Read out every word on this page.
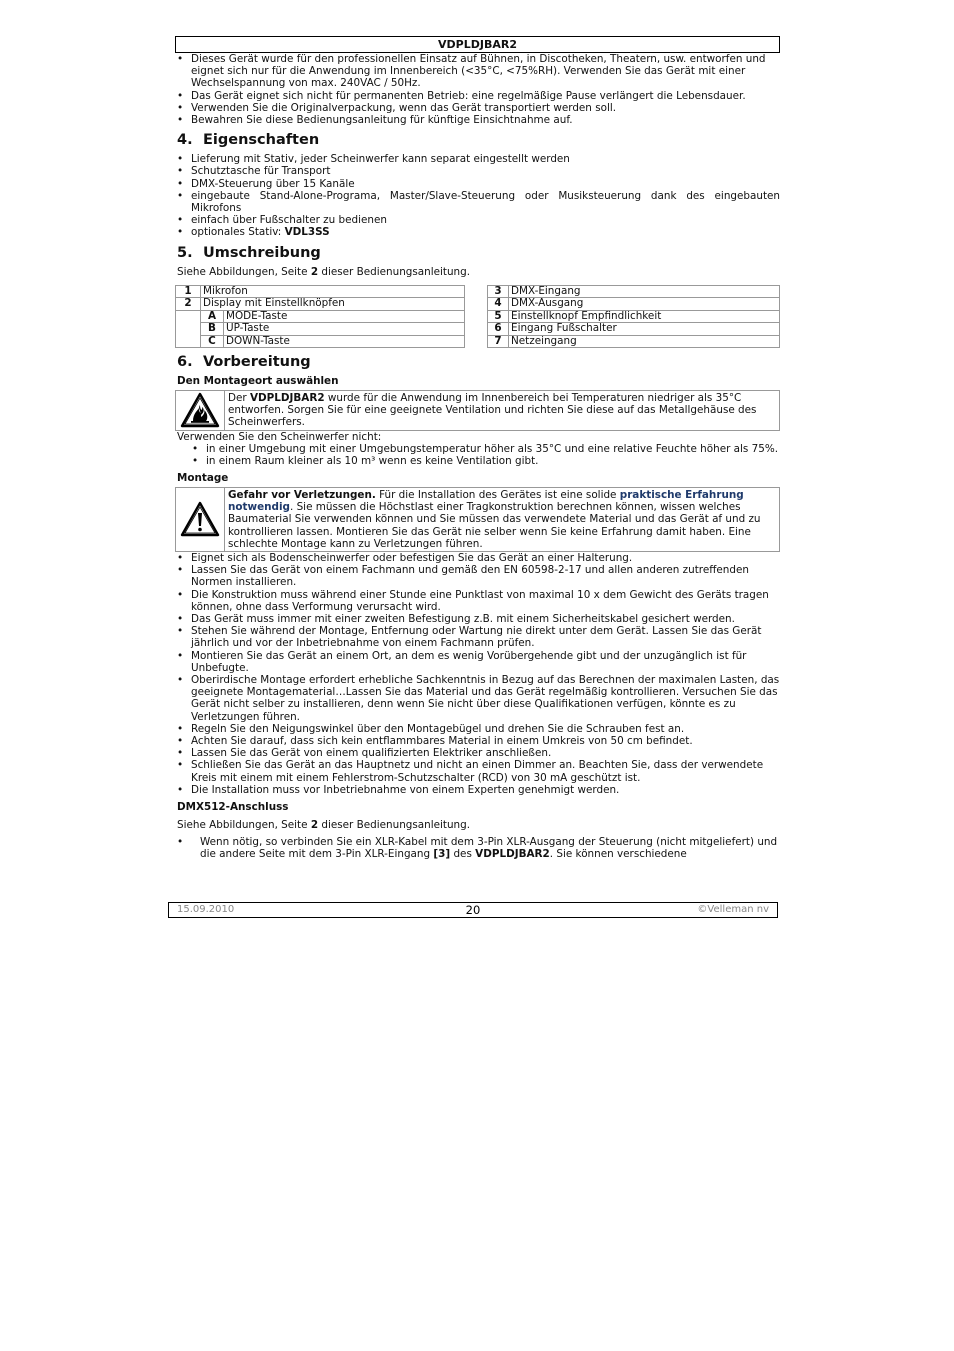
VDPLDJBAR2
• Dieses Gerät wurde für den professionellen Einsatz auf Bühnen, in Discotheken, Theatern, usw. entworfen und eignet sich nur für die Anwendung im Innenbereich (<35°C, <75%RH). Verwenden Sie das Gerät mit einer Wechselspannung von max. 240VAC / 50Hz.
• Das Gerät eignet sich nicht für permanenten Betrieb: eine regelmäßige Pause verlängert die Lebensdauer.
• Verwenden Sie die Originalverpackung, wenn das Gerät transportiert werden soll.
• Bewahren Sie diese Bedienungsanleitung für künftige Einsichtnahme auf.
4. Eigenschaften
• Lieferung mit Stativ, jeder Scheinwerfer kann separat eingestellt werden
• Schutztasche für Transport
• DMX-Steuerung über 15 Kanäle
• eingebaute Stand-Alone-Programa, Master/Slave-Steuerung oder Musiksteuerung dank des eingebauten Mikrofons
• einfach über Fußschalter zu bedienen
• optionales Stativ: VDL3SS
5. Umschreibung

Siehe Abbildungen, Seite 2 dieser Bedienungsanleitung.

1	Mikrofon	
2	Display mit Einstellknöpfen	
	A	MODE-Taste
	B	UP-Taste
	C	DOWN-Taste
3	DMX-Eingang
4	DMX-Ausgang
5	Einstellknopf Empfindlichkeit
6	Eingang Fußschalter
7	Netzeingang
6. Vorbereitung
Den Montageort auswählen
Der VDPLDJBAR2 wurde für die Anwendung im Innenbereich bei Temperaturen niedriger als 35°C entworfen. Sorgen Sie für eine geeignete Ventilation und richten Sie diese auf das Metallgehäuse des Scheinwerfers.

Verwenden Sie den Scheinwerfer nicht:

• in einer Umgebung mit einer Umgebungstemperatur höher als 35°C und eine relative Feuchte höher als 75%.
• in einem Raum kleiner als 10 m³ wenn es keine Ventilation gibt.
Montage
Gefahr vor Verletzungen. Für die Installation des Gerätes ist eine solide praktische Erfahrung notwendig. Sie müssen die Höchstlast einer Tragkonstruktion berechnen können, wissen welches Baumaterial Sie verwenden können und Sie müssen das verwendete Material und das Gerät af und zu kontrollieren lassen. Montieren Sie das Gerät nie selber wenn Sie keine Erfahrung damit haben. Eine schlechte Montage kann zu Verletzungen führen.
• Eignet sich als Bodenscheinwerfer oder befestigen Sie das Gerät an einer Halterung.
• Lassen Sie das Gerät von einem Fachmann und gemäß den EN 60598-2-17 und allen anderen zutreffenden Normen installieren.
• Die Konstruktion muss während einer Stunde eine Punktlast von maximal 10 x dem Gewicht des Geräts tragen können, ohne dass Verformung verursacht wird.
• Das Gerät muss immer mit einer zweiten Befestigung z.B. mit einem Sicherheitskabel gesichert werden.
• Stehen Sie während der Montage, Entfernung oder Wartung nie direkt unter dem Gerät. Lassen Sie das Gerät jährlich und vor der Inbetriebnahme von einem Fachmann prüfen.
• Montieren Sie das Gerät an einem Ort, an dem es wenig Vorübergehende gibt und der unzugänglich ist für Unbefugte.
• Oberirdische Montage erfordert erhebliche Sachkenntnis in Bezug auf das Berechnen der maximalen Lasten, das geeignete Montagematerial…Lassen Sie das Material und das Gerät regelmäßig kontrollieren. Versuchen Sie das Gerät nicht selber zu installieren, denn wenn Sie nicht über diese Qualifikationen verfügen, könnte es zu Verletzungen führen.
• Regeln Sie den Neigungswinkel über den Montagebügel und drehen Sie die Schrauben fest an.
• Achten Sie darauf, dass sich kein entflammbares Material in einem Umkreis von 50 cm befindet.
• Lassen Sie das Gerät von einem qualifizierten Elektriker anschließen.
• Schließen Sie das Gerät an das Hauptnetz und nicht an einen Dimmer an. Beachten Sie, dass der verwendete Kreis mit einem mit einem Fehlerstrom-Schutzschalter (RCD) von 30 mA geschützt ist.
• Die Installation muss vor Inbetriebnahme von einem Experten genehmigt werden.
DMX512-Anschluss

Siehe Abbildungen, Seite 2 dieser Bedienungsanleitung.

• Wenn nötig, so verbinden Sie ein XLR-Kabel mit dem 3-Pin XLR-Ausgang der Steuerung (nicht mitgeliefert) und die andere Seite mit dem 3-Pin XLR-Eingang [3] des VDPLDJBAR2. Sie können verschiedene
15.09.2010	20	©Velleman nv
